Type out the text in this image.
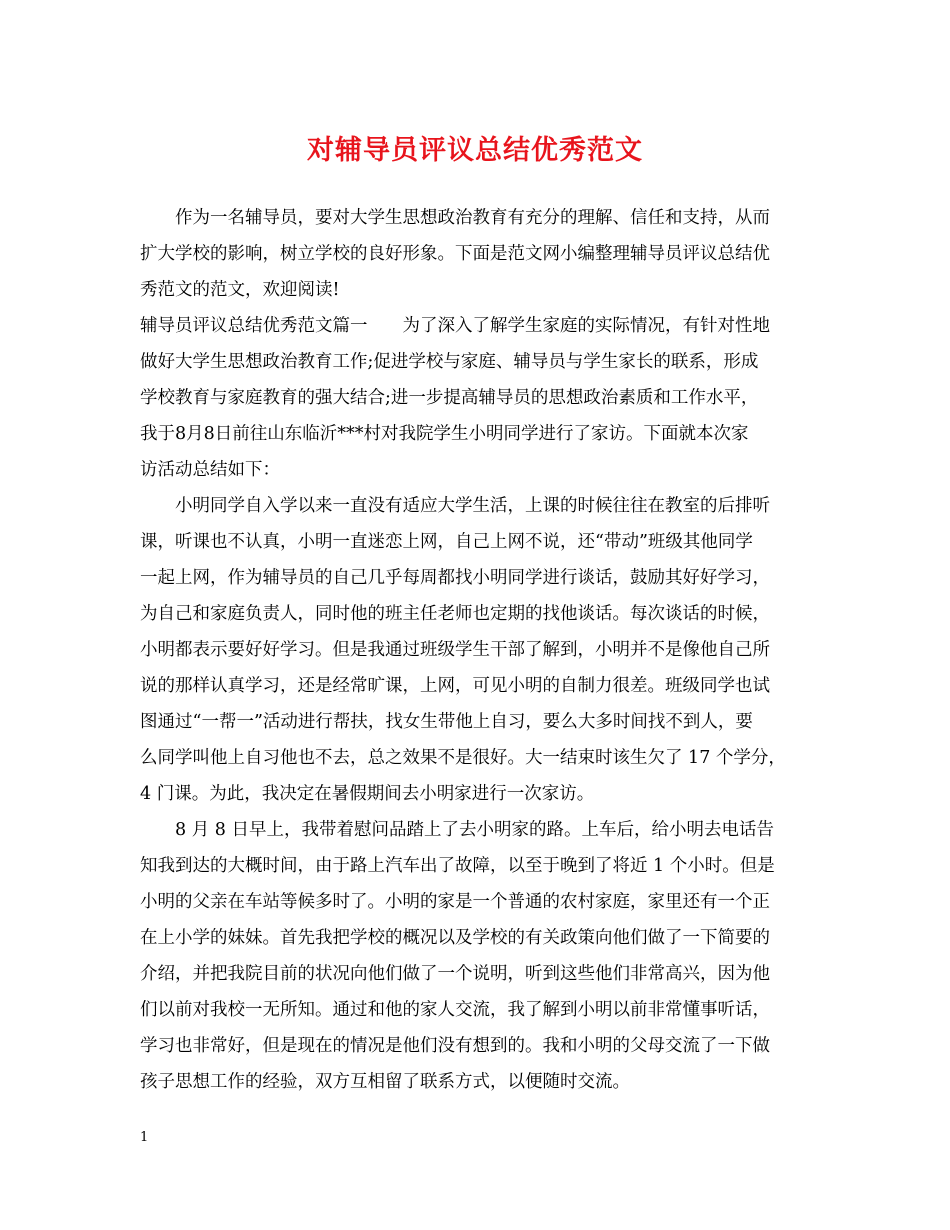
对辅导员评议总结优秀范文
作为一名辅导员，要对大学生思想政治教育有充分的理解、信任和支持，从而
扩大学校的影响，树立学校的良好形象。下面是范文网小编整理辅导员评议总结优
秀范文的范文，欢迎阅读!
辅导员评议总结优秀范文篇一　　为了深入了解学生家庭的实际情况，有针对性地
做好大学生思想政治教育工作;促进学校与家庭、辅导员与学生家长的联系，形成
学校教育与家庭教育的强大结合;进一步提高辅导员的思想政治素质和工作水平，
我于8月8日前往山东临沂***村对我院学生小明同学进行了家访。下面就本次家
访活动总结如下：
小明同学自入学以来一直没有适应大学生活，上课的时候往往在教室的后排听
课，听课也不认真，小明一直迷恋上网，自己上网不说，还“带动”班级其他同学
一起上网，作为辅导员的自己几乎每周都找小明同学进行谈话，鼓励其好好学习，
为自己和家庭负责人，同时他的班主任老师也定期的找他谈话。每次谈话的时候，
小明都表示要好好学习。但是我通过班级学生干部了解到，小明并不是像他自己所
说的那样认真学习，还是经常旷课，上网，可见小明的自制力很差。班级同学也试
图通过“一帮一”活动进行帮扶，找女生带他上自习，要么大多时间找不到人，要
么同学叫他上自习他也不去，总之效果不是很好。大一结束时该生欠了 17 个学分，
4 门课。为此，我决定在暑假期间去小明家进行一次家访。
8 月 8 日早上，我带着慰问品踏上了去小明家的路。上车后，给小明去电话告
知我到达的大概时间，由于路上汽车出了故障，以至于晚到了将近 1 个小时。但是
小明的父亲在车站等候多时了。小明的家是一个普通的农村家庭，家里还有一个正
在上小学的妹妹。首先我把学校的概况以及学校的有关政策向他们做了一下简要的
介绍，并把我院目前的状况向他们做了一个说明，听到这些他们非常高兴，因为他
们以前对我校一无所知。通过和他的家人交流，我了解到小明以前非常懂事听话，
学习也非常好，但是现在的情况是他们没有想到的。我和小明的父母交流了一下做
孩子思想工作的经验，双方互相留了联系方式，以便随时交流。
1
